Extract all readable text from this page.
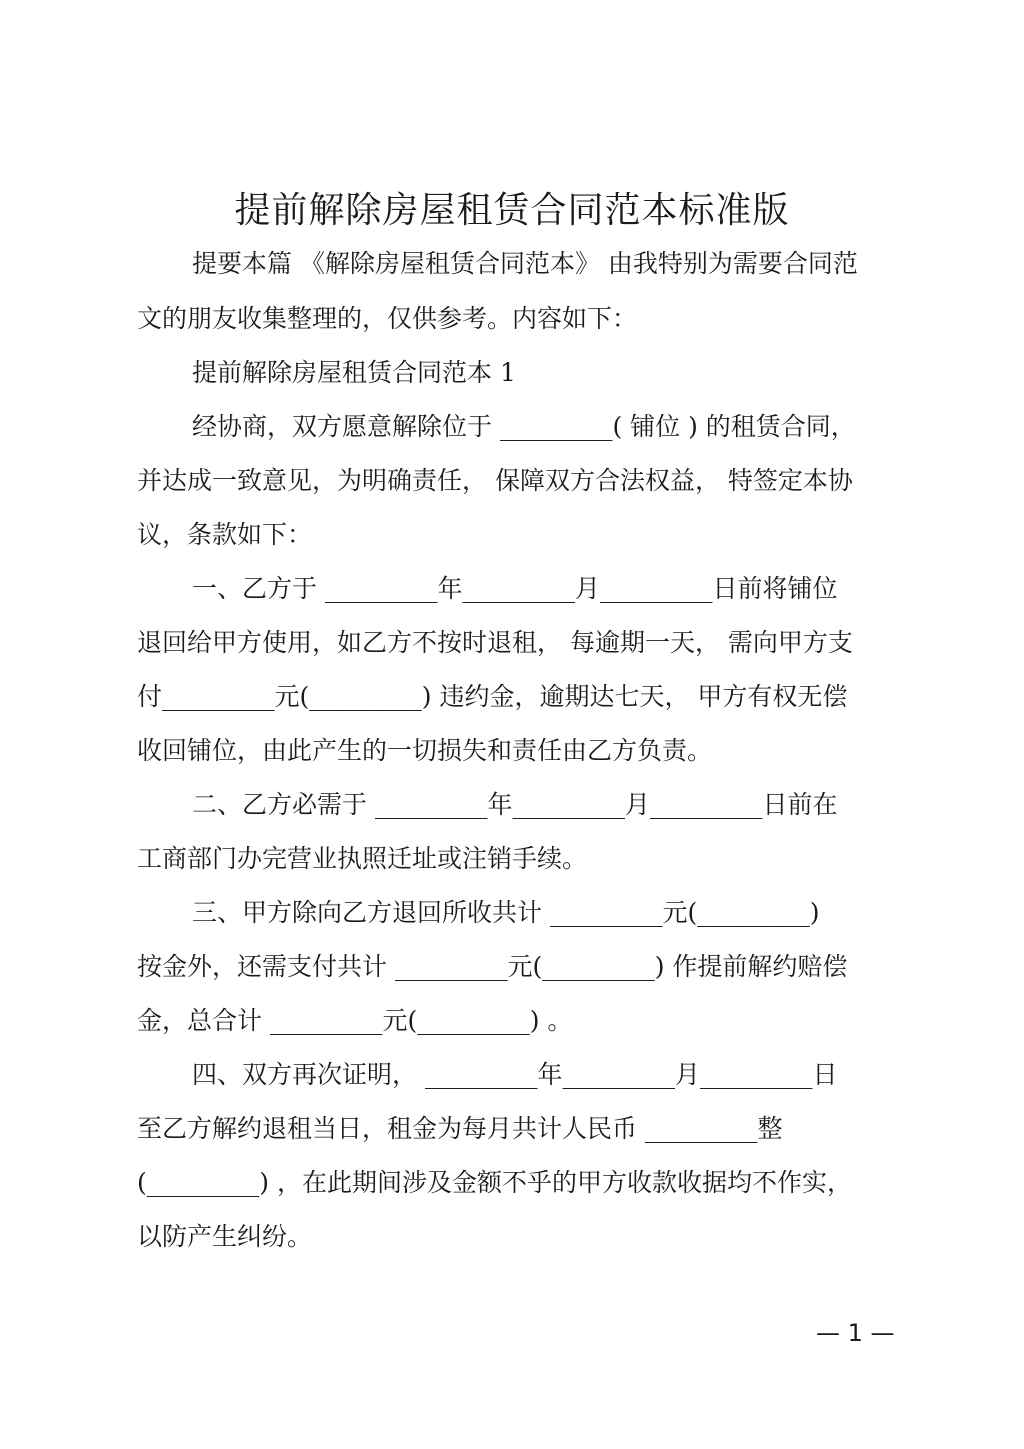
提前解除房屋租赁合同范本标准版
提要本篇 《解除房屋租赁合同范本》 由我特别为需要合同范
文的朋友收集整理的，仅供参考。内容如下：
提前解除房屋租赁合同范本 1
经协商，双方愿意解除位于 _________( 铺位 ) 的租赁合同，
并达成一致意见，为明确责任， 保障双方合法权益， 特签定本协
议，条款如下：
一、乙方于 _________年_________月_________日前将铺位
退回给甲方使用，如乙方不按时退租， 每逾期一天， 需向甲方支
付_________元(_________) 违约金，逾期达七天， 甲方有权无偿
收回铺位，由此产生的一切损失和责任由乙方负责。
二、乙方必需于 _________年_________月_________日前在
工商部门办完营业执照迁址或注销手续。
三、甲方除向乙方退回所收共计 _________元(_________)
按金外，还需支付共计 _________元(_________) 作提前解约赔偿
金，总合计 _________元(_________) 。
四、双方再次证明， _________年_________月_________日
至乙方解约退租当日，租金为每月共计人民币 _________整
(_________) ，在此期间涉及金额不乎的甲方收款收据均不作实，
以防产生纠纷。
— 1 —
